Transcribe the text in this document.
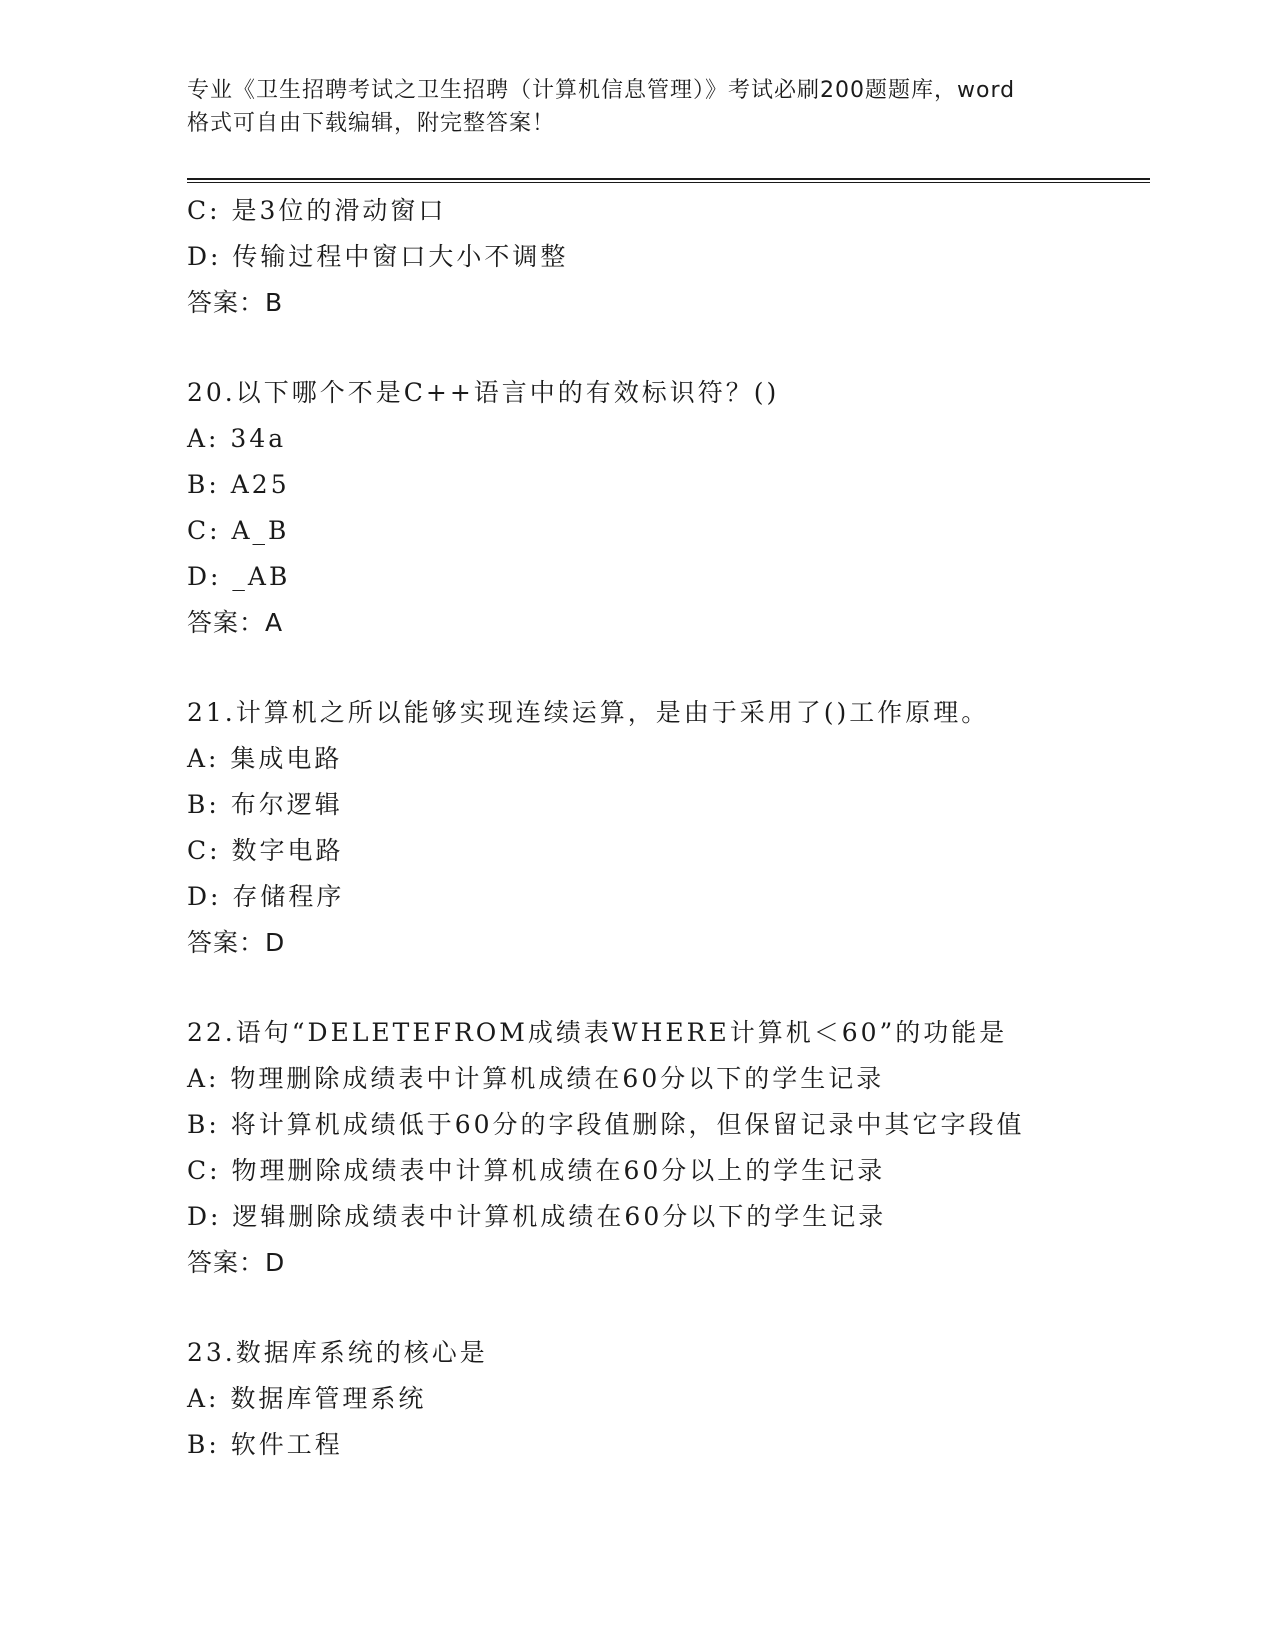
专业《卫生招聘考试之卫生招聘（计算机信息管理）》考试必刷200题题库，word
格式可自由下载编辑，附完整答案！
C: 是3位的滑动窗口
D: 传输过程中窗口大小不调整
答案：B
20.以下哪个不是C++语言中的有效标识符？()
A: 34a
B: A25
C: A_B
D: _AB
答案：A
21.计算机之所以能够实现连续运算，是由于采用了()工作原理。
A: 集成电路
B: 布尔逻辑
C: 数字电路
D: 存储程序
答案：D
22.语句“DELETEFROM成绩表WHERE计算机＜60”的功能是
A: 物理删除成绩表中计算机成绩在60分以下的学生记录
B: 将计算机成绩低于60分的字段值删除，但保留记录中其它字段值
C: 物理删除成绩表中计算机成绩在60分以上的学生记录
D: 逻辑删除成绩表中计算机成绩在60分以下的学生记录
答案：D
23.数据库系统的核心是
A: 数据库管理系统
B: 软件工程
